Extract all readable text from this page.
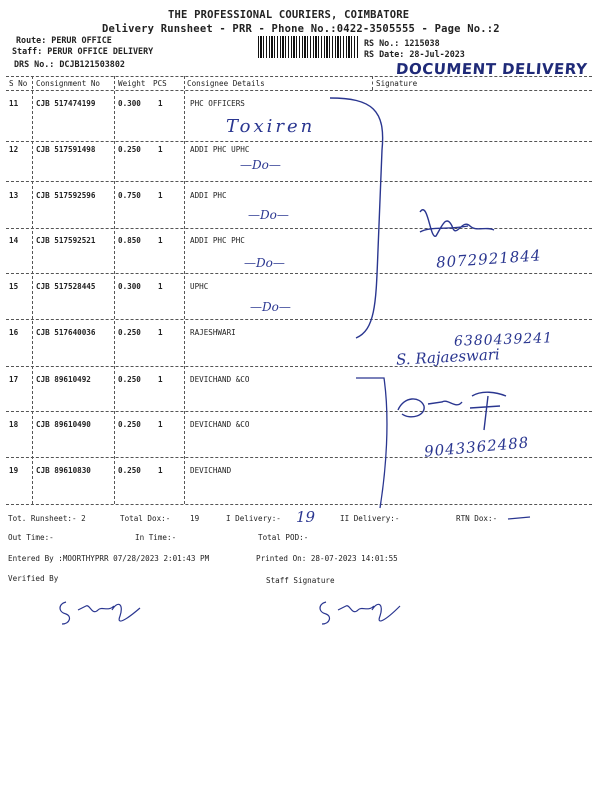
THE PROFESSIONAL COURIERS, COIMBATORE
Delivery Runsheet - PRR - Phone No.:0422-3505555 - Page No.:2
Route: PERUR OFFICE
Staff: PERUR OFFICE DELIVERY
DRS No.: DCJB121503802
RS No.: 1215038
RS Date: 28-Jul-2023
DOCUMENT DELIVERY
S No Consignment No Weight PCS	Consignee Details	Signature
11 CJB 517474199	0.300 1	PHC OFFICERS
Toxiren
12 CJB 517591498	0.250 1	ADDI PHC UPHC
—Do—
13 CJB 517592596	0.750 1	ADDI PHC
—Do—
14 CJB 517592521	0.850 1	ADDI PHC PHC
—Do—
15 CJB 517528445	0.300 1	UPHC
—Do—
16 CJB 517640036	0.250 1	RAJESHWARI
17 CJB 89610492	0.250 1	DEVICHAND &CO
18 CJB 89610490	0.250 1	DEVICHAND &CO
19 CJB 89610830	0.250 1	DEVICHAND
8072921844
6380439241
S. Rajaeswari
9043362488
Tot. Runsheet:- 2	Total Dox:-	19	I Delivery:- 19	II Delivery:-	RTN Dox:-
Out Time:-	In Time:-	Total POD:-
Entered By :MOORTHYPRR 07/28/2023 2:01:43 PM	Printed On: 28-07-2023 14:01:55
Verified By	Staff Signature
